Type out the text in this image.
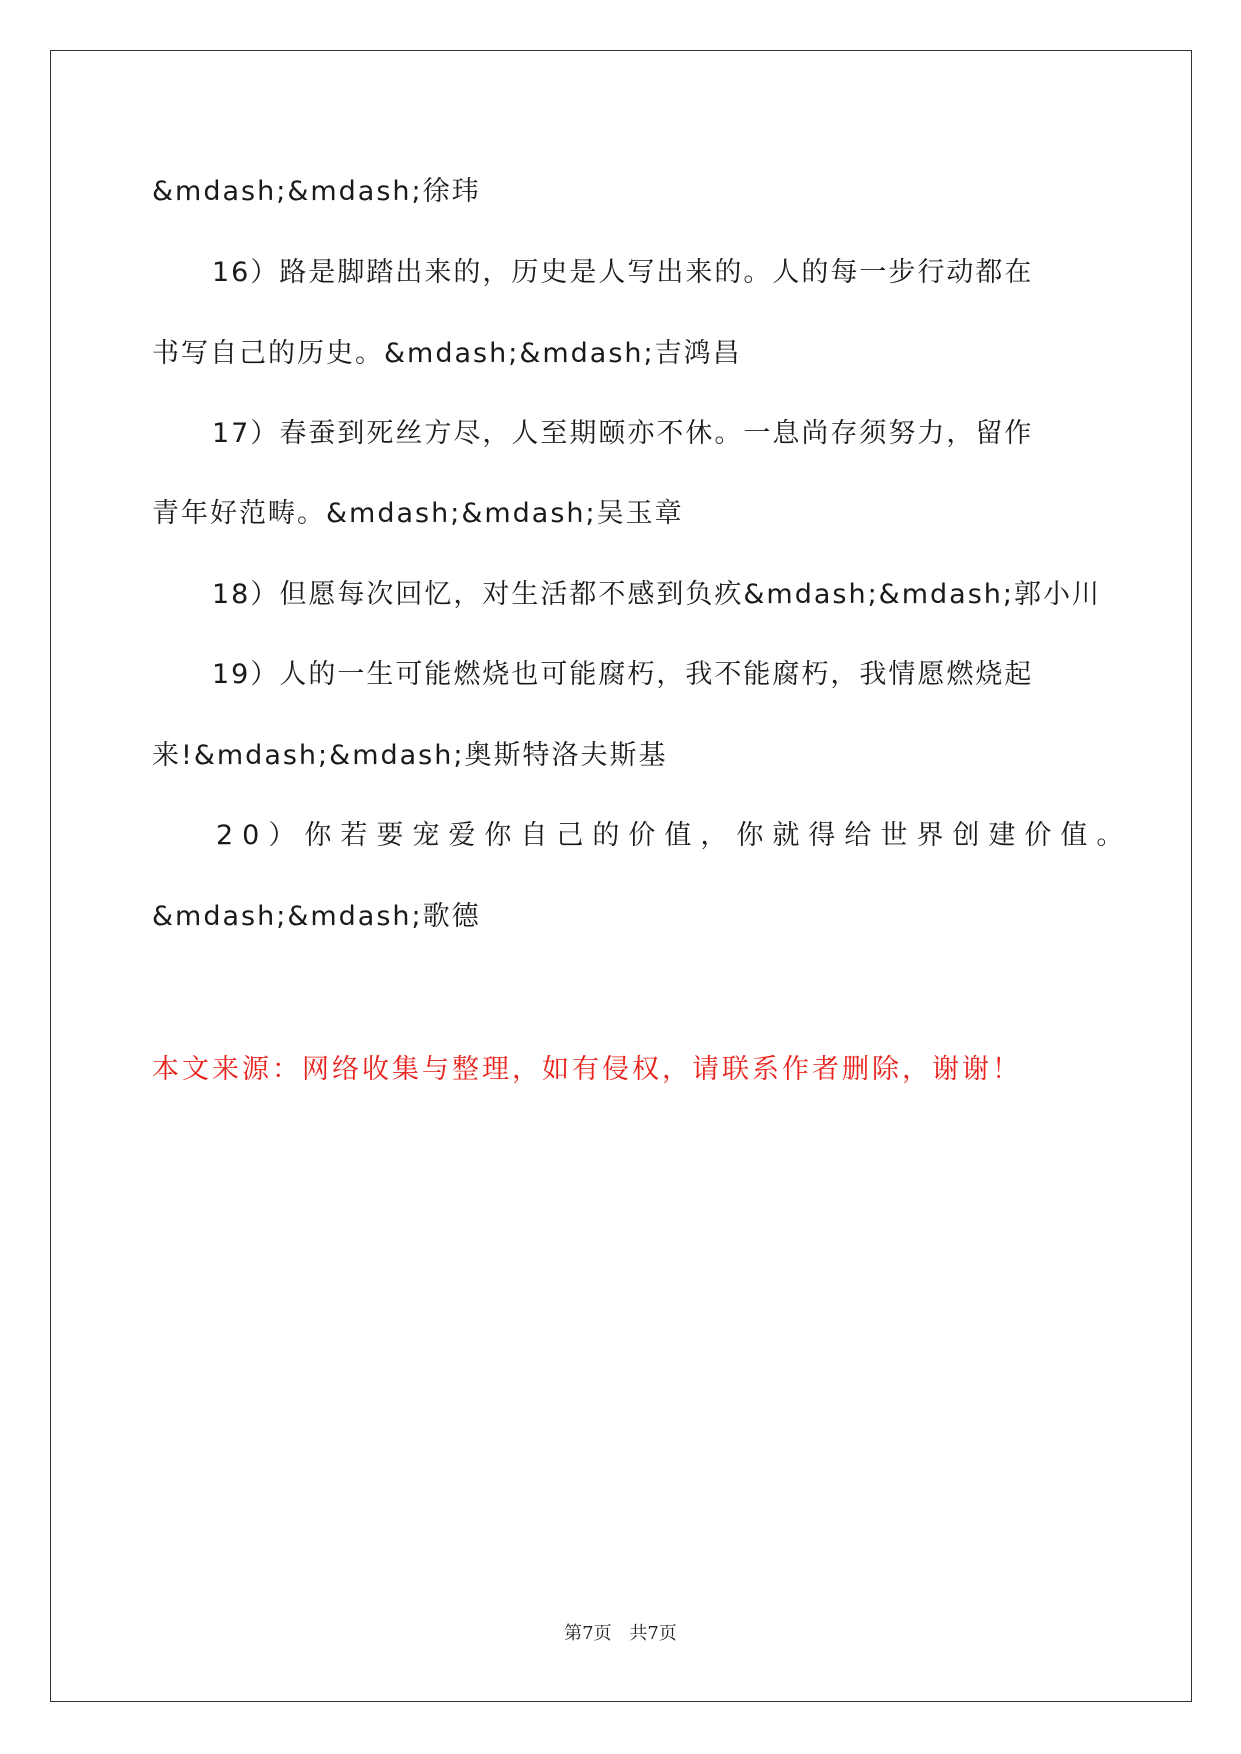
&mdash;&mdash;徐玮
16）路是脚踏出来的，历史是人写出来的。人的每一步行动都在
书写自己的历史。&mdash;&mdash;吉鸿昌
17）春蚕到死丝方尽，人至期颐亦不休。一息尚存须努力，留作
青年好范畴。&mdash;&mdash;吴玉章
18）但愿每次回忆，对生活都不感到负疚&mdash;&mdash;郭小川
19）人的一生可能燃烧也可能腐朽，我不能腐朽，我情愿燃烧起
来!&mdash;&mdash;奥斯特洛夫斯基
20）你若要宠爱你自己的价值，你就得给世界创建价值。
&mdash;&mdash;歌德
本文来源：网络收集与整理，如有侵权，请联系作者删除，谢谢！
第7页 共7页
